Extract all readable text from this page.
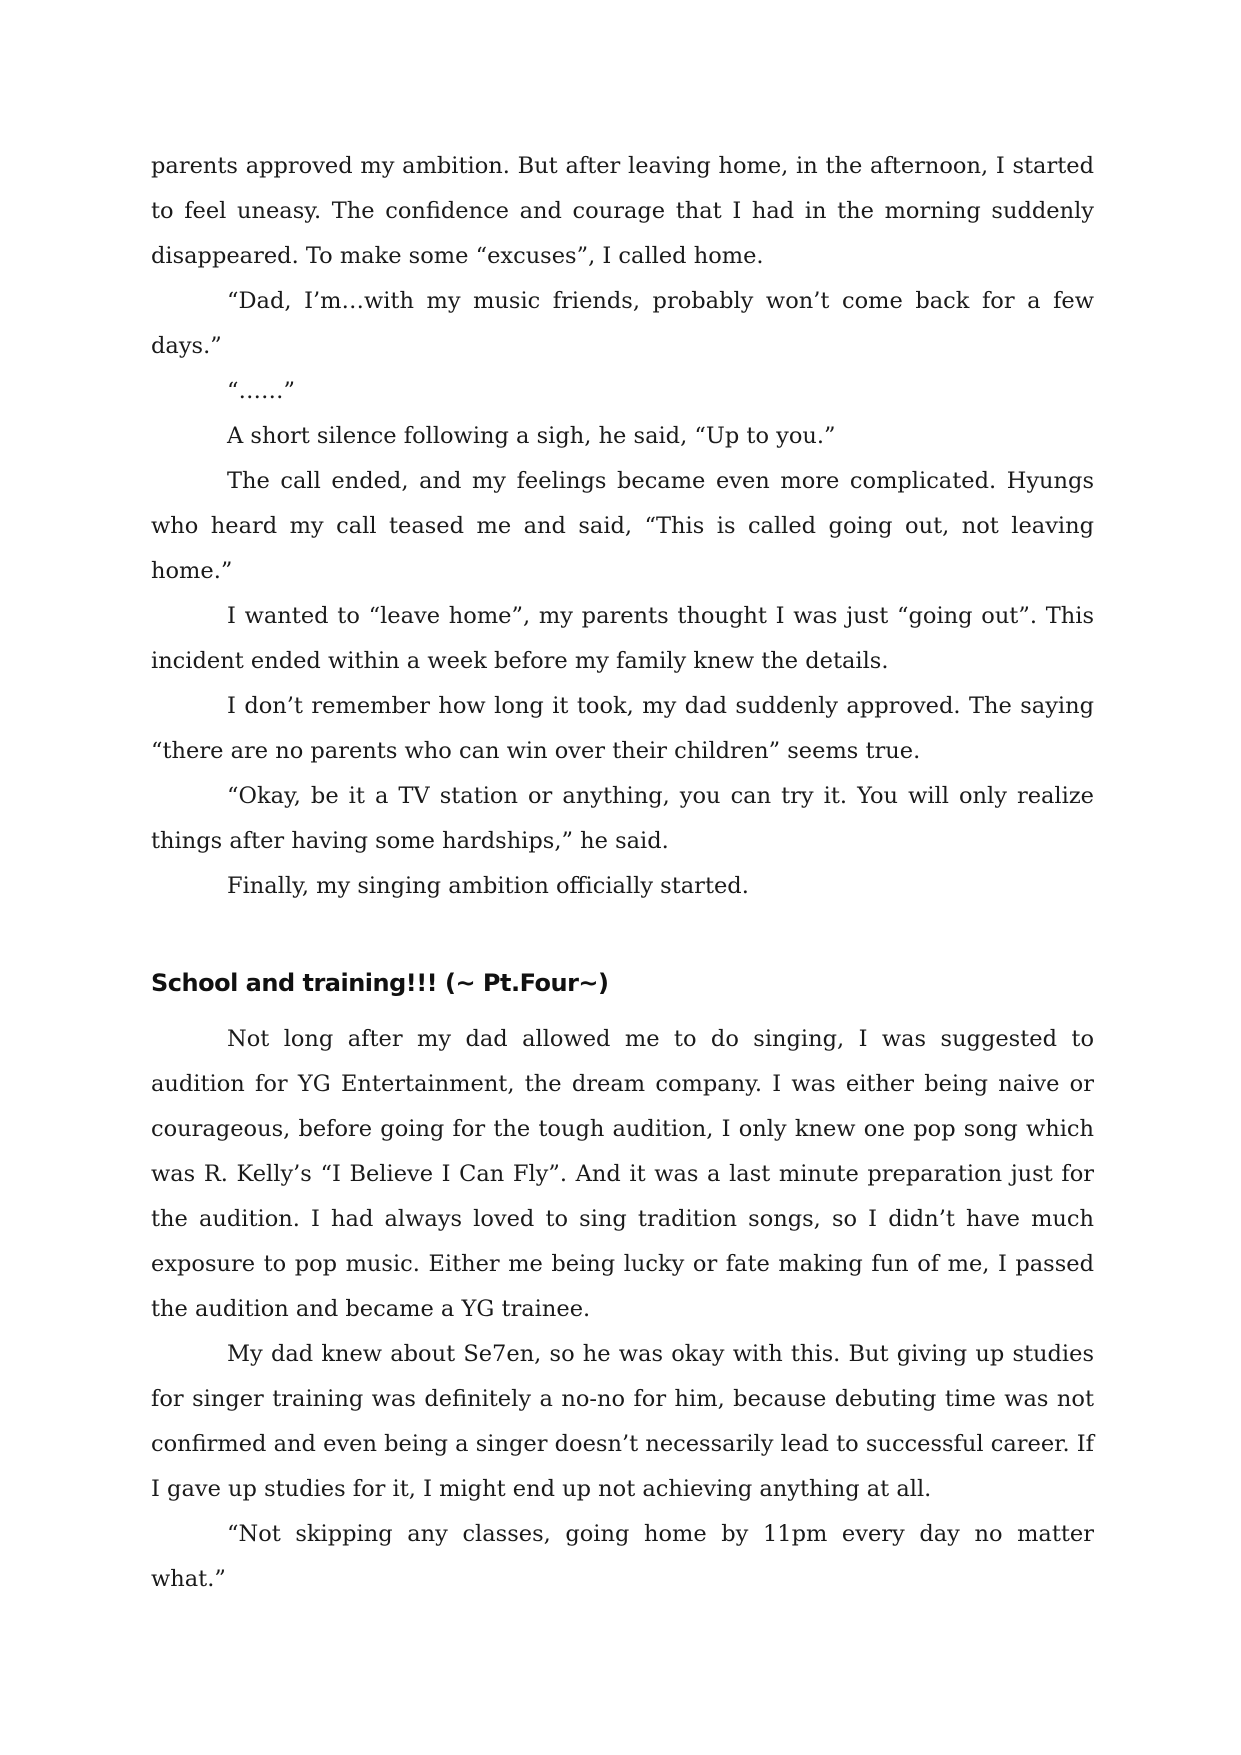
parents approved my ambition. But after leaving home, in the afternoon, I started to feel uneasy. The confidence and courage that I had in the morning suddenly disappeared. To make some “excuses”, I called home.

“Dad, I’m…with my music friends, probably won’t come back for a few days.”

“……”

A short silence following a sigh, he said, “Up to you.”

The call ended, and my feelings became even more complicated. Hyungs who heard my call teased me and said, “This is called going out, not leaving home.”

I wanted to “leave home”, my parents thought I was just “going out”. This incident ended within a week before my family knew the details.

I don’t remember how long it took, my dad suddenly approved. The saying “there are no parents who can win over their children” seems true.

“Okay, be it a TV station or anything, you can try it. You will only realize things after having some hardships,” he said.

Finally, my singing ambition officially started.

School and training!!! (~ Pt.Four~)

Not long after my dad allowed me to do singing, I was suggested to audition for YG Entertainment, the dream company. I was either being naive or courageous, before going for the tough audition, I only knew one pop song which was R. Kelly’s “I Believe I Can Fly”. And it was a last minute preparation just for the audition. I had always loved to sing tradition songs, so I didn’t have much exposure to pop music. Either me being lucky or fate making fun of me, I passed the audition and became a YG trainee.

My dad knew about Se7en, so he was okay with this. But giving up studies for singer training was definitely a no-no for him, because debuting time was not confirmed and even being a singer doesn’t necessarily lead to successful career. If I gave up studies for it, I might end up not achieving anything at all.

“Not skipping any classes, going home by 11pm every day no matter what.”
